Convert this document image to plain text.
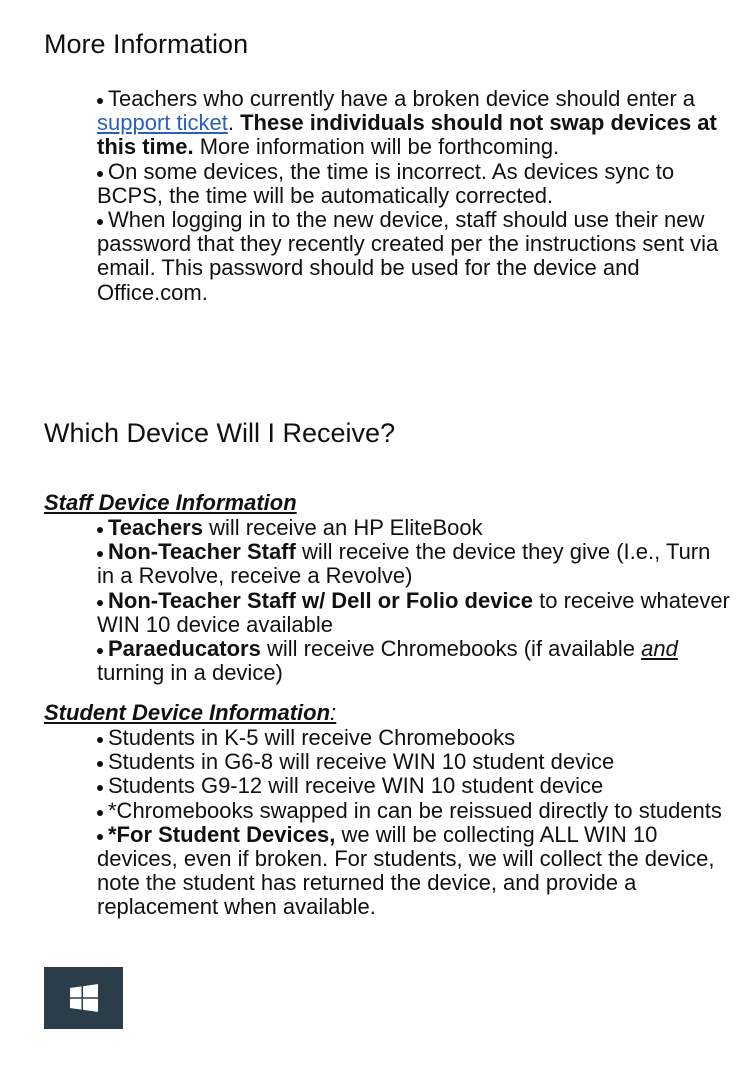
More Information
Teachers who currently have a broken device should enter a support ticket. These individuals should not swap devices at this time. More information will be forthcoming.
On some devices, the time is incorrect. As devices sync to BCPS, the time will be automatically corrected.
When logging in to the new device, staff should use their new password that they recently created per the instructions sent via email. This password should be used for the device and Office.com.
Which Device Will I Receive?
Staff Device Information
Teachers will receive an HP EliteBook
Non-Teacher Staff will receive the device they give (I.e., Turn in a Revolve, receive a Revolve)
Non-Teacher Staff w/ Dell or Folio device to receive whatever WIN 10 device available
Paraeducators will receive Chromebooks (if available and turning in a device)
Student Device Information:
Students in K-5 will receive Chromebooks
Students in G6-8 will receive WIN 10 student device
Students G9-12 will receive WIN 10 student device
*Chromebooks swapped in can be reissued directly to students
*For Student Devices, we will be collecting ALL WIN 10 devices, even if broken. For students, we will collect the device, note the student has returned the device, and provide a replacement when available.
